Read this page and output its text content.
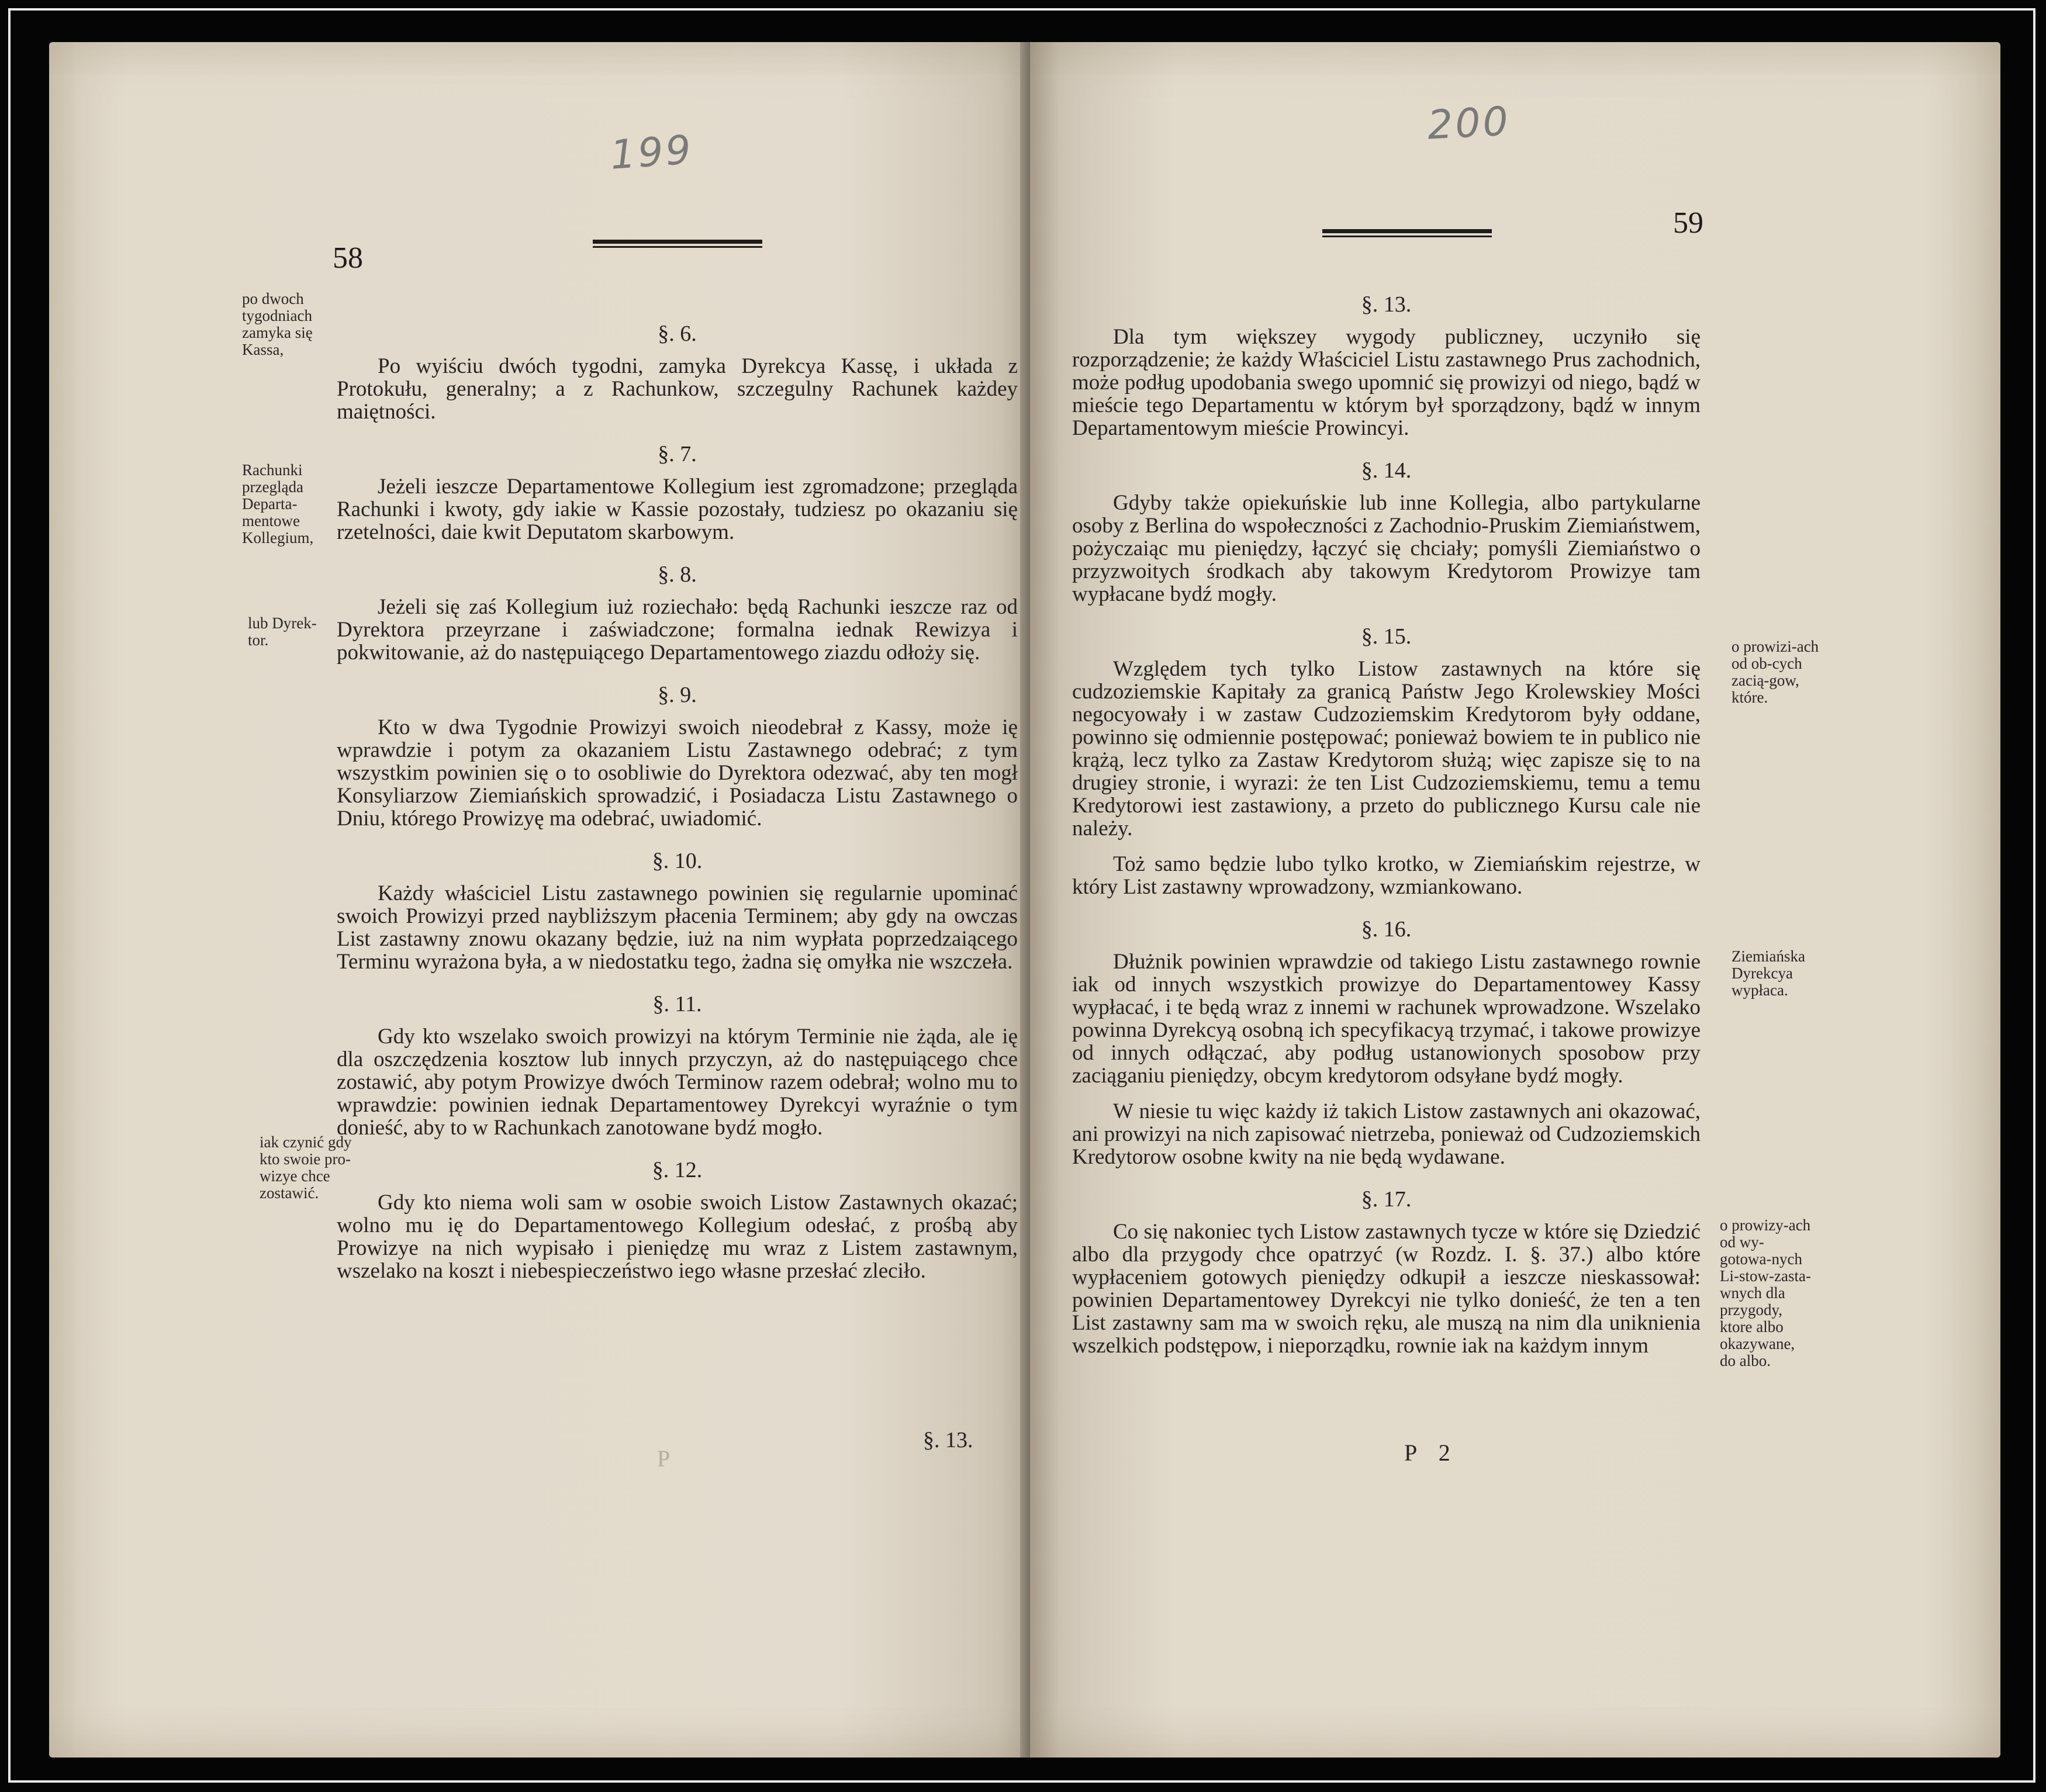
199
58
po dwoch tygodniach zamyka się Kassa,
Rachunki przegląda Departa-mentowe Kollegium,
lub Dyrek-tor.
iak czynić gdy kto swoie pro-wizye chce zostawić.
§. 6.

Po wyiściu dwóch tygodni, zamyka Dyrekcya Kassę, i układa z Protokułu, generalny; a z Rachunkow, szczegulny Rachunek każdey maiętności.

§. 7.

Jeżeli ieszcze Departamentowe Kollegium iest zgromadzone; przegląda Rachunki i kwoty, gdy iakie w Kassie pozostały, tudziesz po okazaniu się rzetelności, daie kwit Deputatom skarbowym.

§. 8.

Jeżeli się zaś Kollegium iuż roziechało: będą Rachunki ieszcze raz od Dyrektora przeyrzane i zaświadczone; formalna iednak Rewizya i pokwitowanie, aż do następuiącego Departamentowego ziazdu odłoży się.

§. 9.

Kto w dwa Tygodnie Prowizyi swoich nieodebrał z Kassy, może ię wprawdzie i potym za okazaniem Listu Zastawnego odebrać; z tym wszystkim powinien się o to osobliwie do Dyrektora odezwać, aby ten mogł Konsyliarzow Ziemiańskich sprowadzić, i Posiadacza Listu Zastawnego o Dniu, którego Prowizyę ma odebrać, uwiadomić.

§. 10.

Każdy właściciel Listu zastawnego powinien się regularnie upominać swoich Prowizyi przed naybliższym płacenia Terminem; aby gdy na owczas List zastawny znowu okazany będzie, iuż na nim wypłata poprzedzaiącego Terminu wyrażona była, a w niedostatku tego, żadna się omyłka nie wszczeła.

§. 11.

Gdy kto wszelako swoich prowizyi na którym Terminie nie żąda, ale ię dla oszczędzenia kosztow lub innych przyczyn, aż do następuiącego chce zostawić, aby potym Prowizye dwóch Terminow razem odebrał; wolno mu to wprawdzie: powinien iednak Departamentowey Dyrekcyi wyraźnie o tym donieść, aby to w Rachunkach zanotowane bydź mogło.

§. 12.

Gdy kto niema woli sam w osobie swoich Listow Zastawnych okazać; wolno mu ię do Departamentowego Kollegium odesłać, z prośbą aby Prowizye na nich wypisało i pieniędzę mu wraz z Listem zastawnym, wszelako na koszt i niebespieczeństwo iego własne przesłać zleciło.

P
§. 13.
200
59
o prowizi-ach od ob-cych zacią-gow, które.
Ziemiańska Dyrekcya wypłaca.
o prowizy-ach od wy-gotowa-nych Li-stow-zasta-wnych dla przygody, ktore albo okazywane, do albo.
§. 13.

Dla tym większey wygody publiczney, uczyniło się rozporządzenie; że każdy Właściciel Listu zastawnego Prus zachodnich, może podług upodobania swego upomnić się prowizyi od niego, bądź w mieście tego Departamentu w którym był sporządzony, bądź w innym Departamentowym mieście Prowincyi.

§. 14.

Gdyby także opiekuńskie lub inne Kollegia, albo partykularne osoby z Berlina do wspołeczności z Zachodnio-Pruskim Ziemiaństwem, pożyczaiąc mu pieniędzy, łączyć się chciały; pomyśli Ziemiaństwo o przyzwoitych środkach aby takowym Kredytorom Prowizye tam wypłacane bydź mogły.

§. 15.

Względem tych tylko Listow zastawnych na które się cudzoziemskie Kapitały za granicą Państw Jego Krolewskiey Mości negocyowały i w zastaw Cudzoziemskim Kredytorom były oddane, powinno się odmiennie postępować; ponieważ bowiem te in publico nie krążą, lecz tylko za Zastaw Kredytorom służą; więc zapisze się to na drugiey stronie, i wyrazi: że ten List Cudzoziemskiemu, temu a temu Kredytorowi iest zastawiony, a przeto do publicznego Kursu cale nie należy.

Toż samo będzie lubo tylko krotko, w Ziemiańskim rejestrze, w który List zastawny wprowadzony, wzmiankowano.

§. 16.

Dłużnik powinien wprawdzie od takiego Listu zastawnego rownie iak od innych wszystkich prowizye do Departamentowey Kassy wypłacać, i te będą wraz z innemi w rachunek wprowadzone. Wszelako powinna Dyrekcyą osobną ich specyfikacyą trzymać, i takowe prowizye od innych odłączać, aby podług ustanowionych sposobow przy zaciąganiu pieniędzy, obcym kredytorom odsyłane bydź mogły.

W niesie tu więc każdy iż takich Listow zastawnych ani okazować, ani prowizyi na nich zapisować nietrzeba, ponieważ od Cudzoziemskich Kredytorow osobne kwity na nie będą wydawane.

§. 17.

Co się nakoniec tych Listow zastawnych tycze w które się Dziedzić albo dla przygody chce opatrzyć (w Rozdz. I. §. 37.) albo które wypłaceniem gotowych pieniędzy odkupił a ieszcze nieskassował: powinien Departamentowey Dyrekcyi nie tylko donieść, że ten a ten List zastawny sam ma w swoich ręku, ale muszą na nim dla uniknienia wszelkich podstępow, i nieporządku, rownie iak na każdym innym

P 2
